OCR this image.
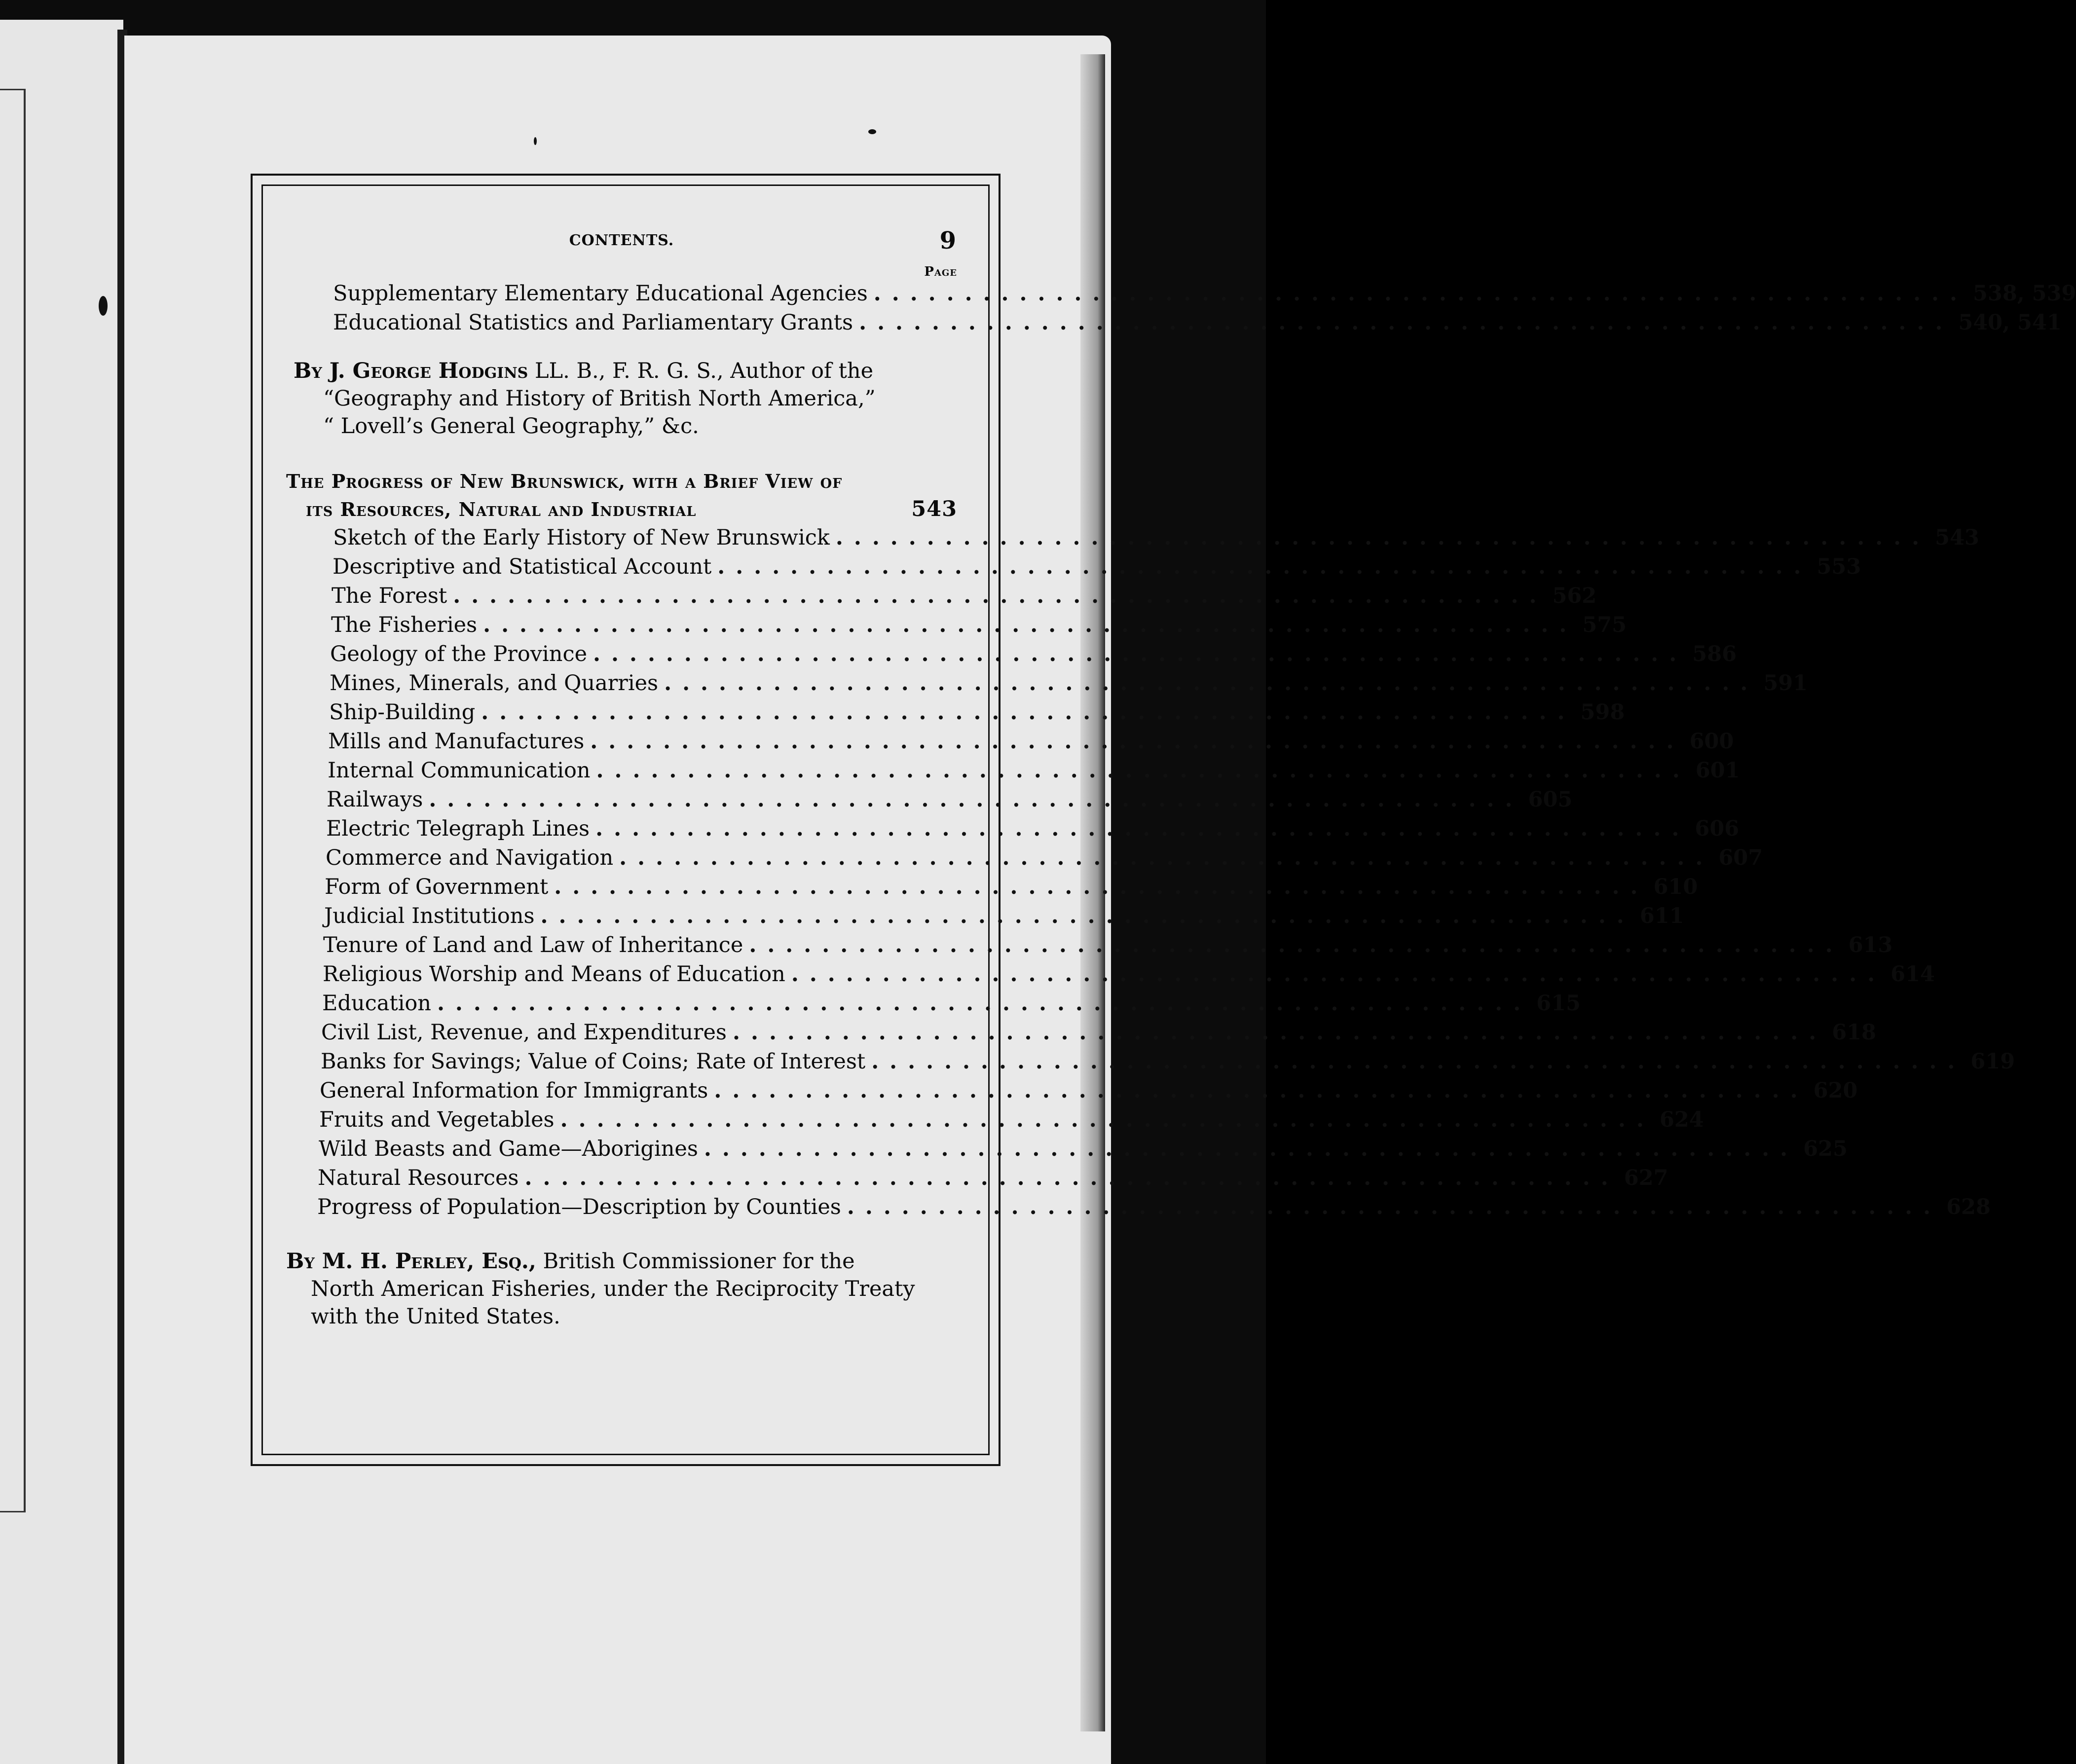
CONTENTS.	9
Page
Supplementary Elementary Educational Agencies ............................................................ 538, 539
Educational Statistics and Parliamentary Grants ............................................................ 540, 541
By J. George Hodgins LL. B., F. R. G. S., Author of the
“Geography and History of British North America,”
“ Lovell’s General Geography,” &c.
The Progress of New Brunswick, with a Brief View of
its Resources, Natural and Industrial	543
Sketch of the Early History of New Brunswick ............................................................ 543
Descriptive and Statistical Account ............................................................ 553
The Forest ............................................................ 562
The Fisheries ............................................................ 575
Geology of the Province ............................................................ 586
Mines, Minerals, and Quarries ............................................................ 591
Ship-Building ............................................................ 598
Mills and Manufactures ............................................................ 600
Internal Communication ............................................................ 601
Railways ............................................................ 605
Electric Telegraph Lines ............................................................ 606
Commerce and Navigation ............................................................ 607
Form of Government ............................................................ 610
Judicial Institutions ............................................................ 611
Tenure of Land and Law of Inheritance ............................................................ 613
Religious Worship and Means of Education ............................................................ 614
Education ............................................................ 615
Civil List, Revenue, and Expenditures ............................................................ 618
Banks for Savings; Value of Coins; Rate of Interest ............................................................ 619
General Information for Immigrants ............................................................ 620
Fruits and Vegetables ............................................................ 624
Wild Beasts and Game—Aborigines ............................................................ 625
Natural Resources ............................................................ 627
Progress of Population—Description by Counties ............................................................ 628
By M. H. Perley, Esq., British Commissioner for the
North American Fisheries, under the Reciprocity Treaty
with the United States.
